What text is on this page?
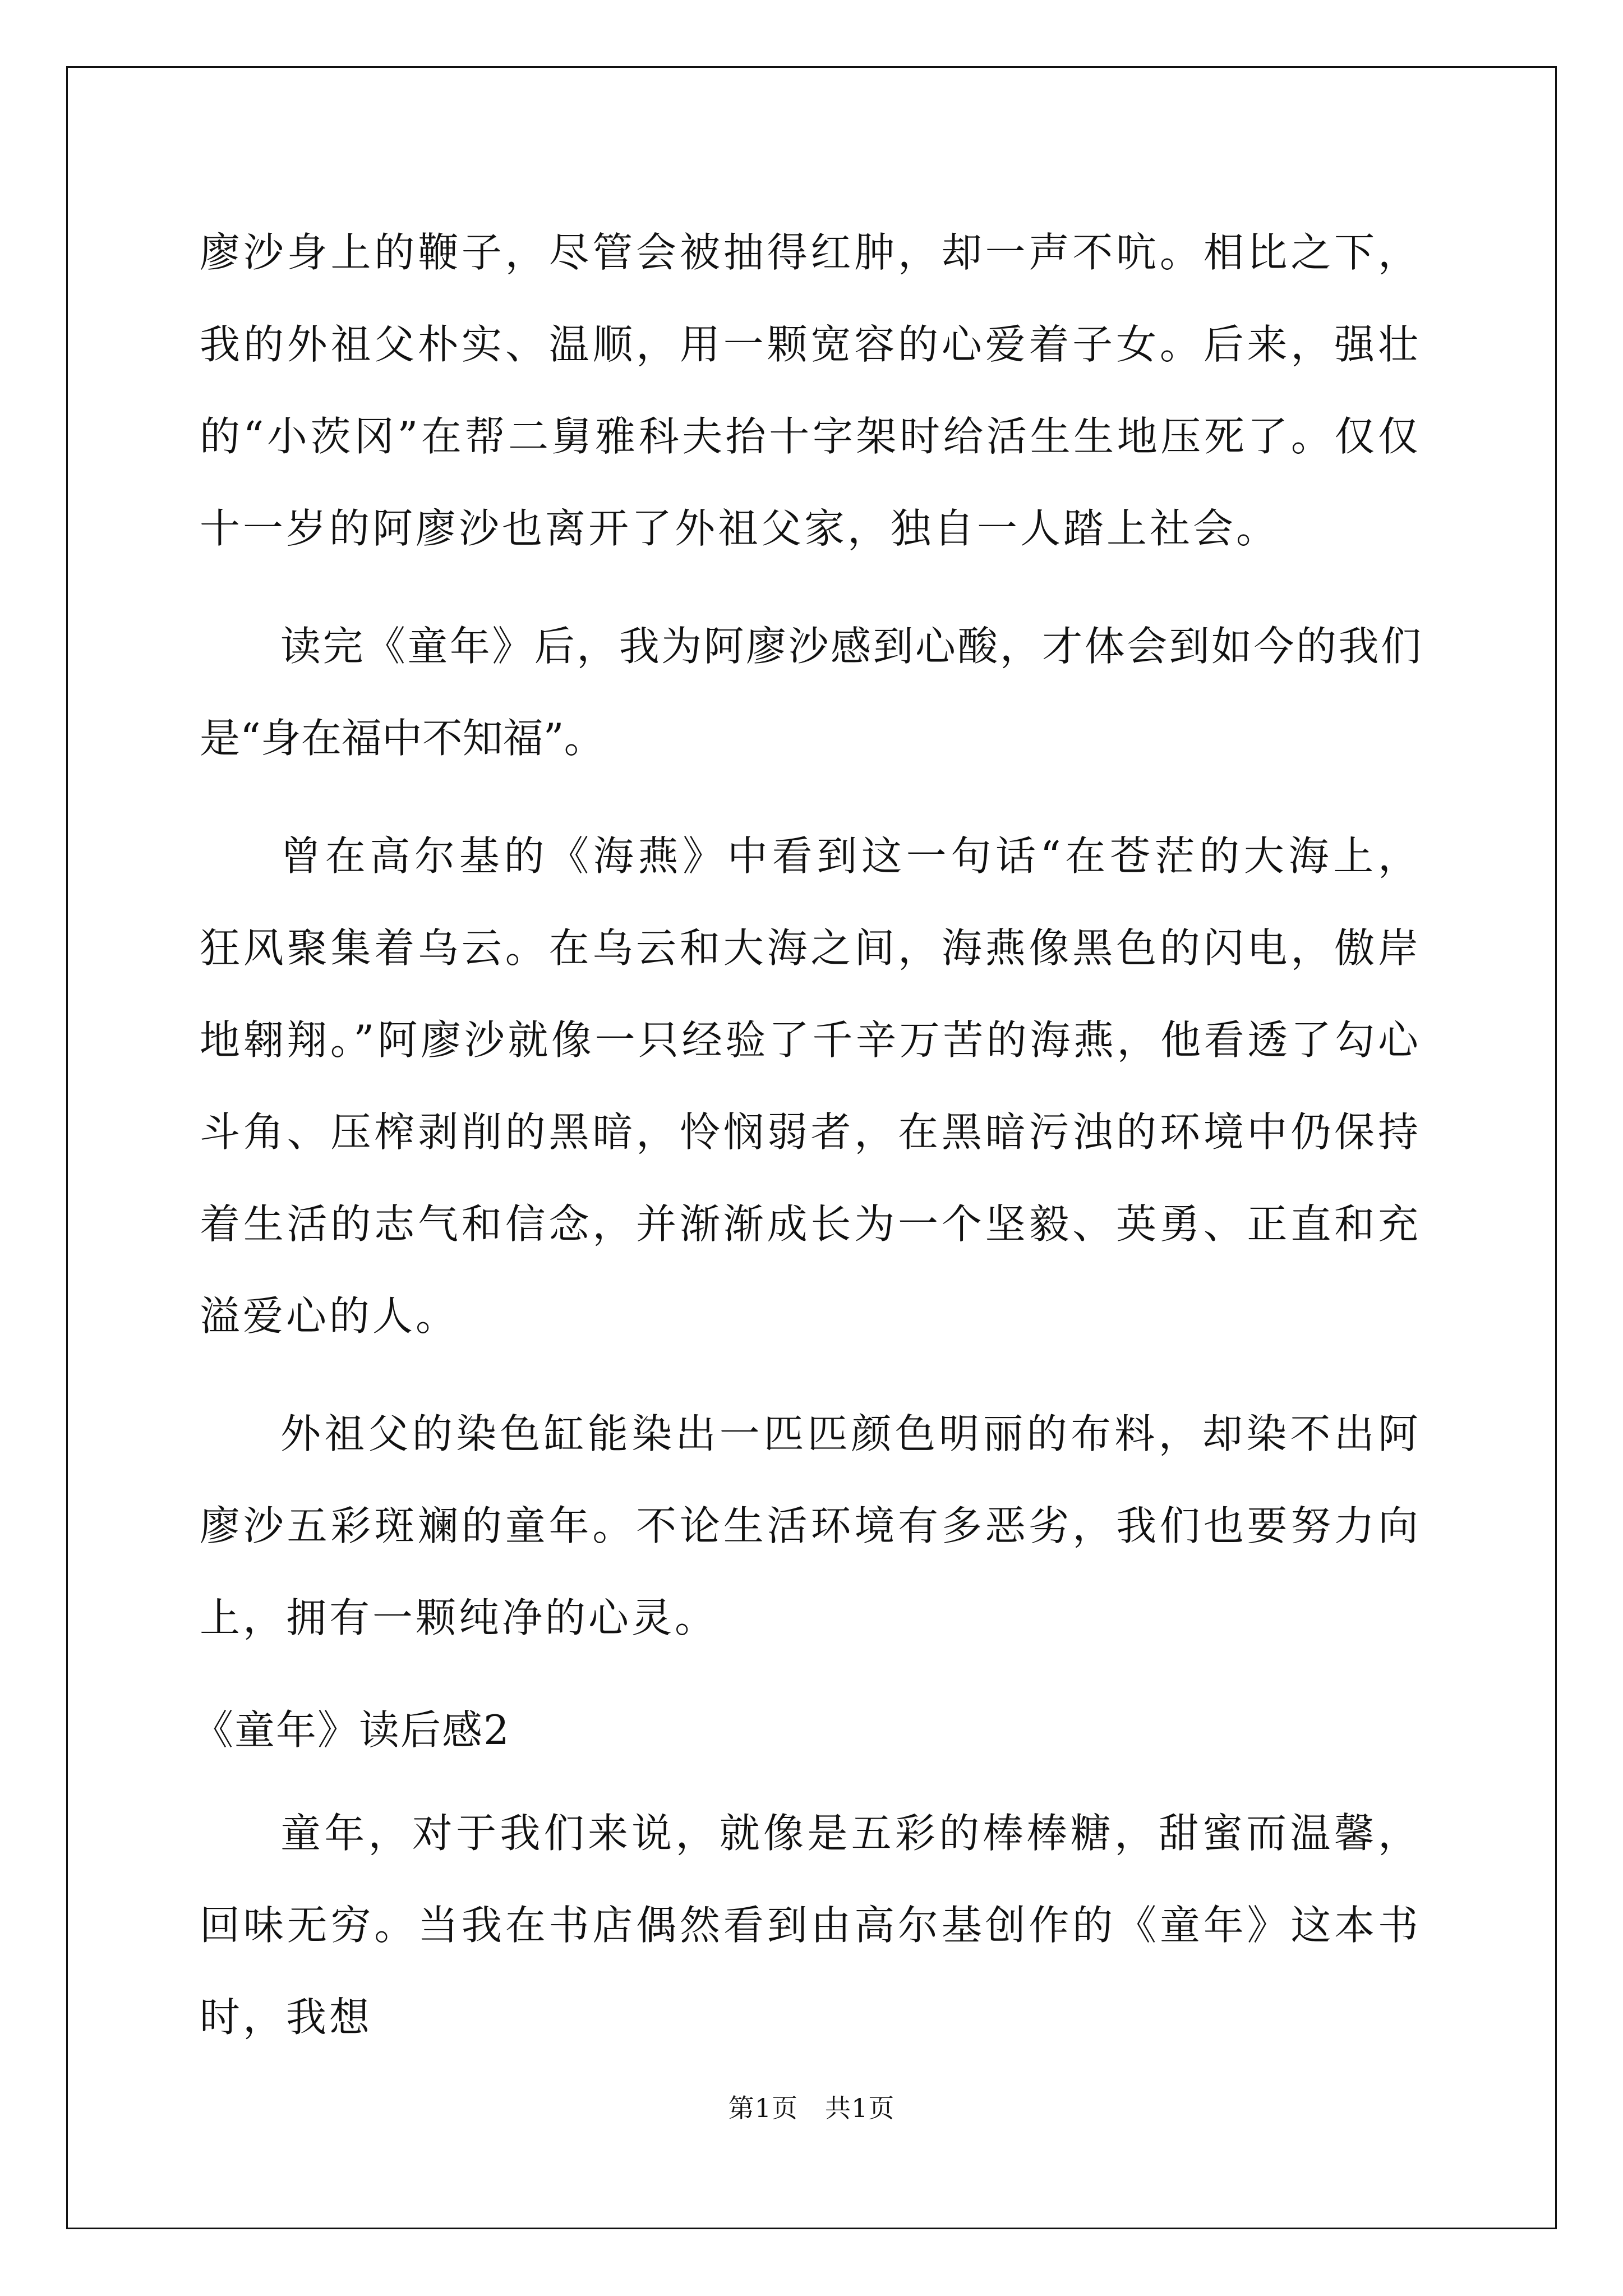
廖沙身上的鞭子，尽管会被抽得红肿，却一声不吭。相比之下，我的外祖父朴实、温顺，用一颗宽容的心爱着子女。后来，强壮的“小茨冈”在帮二舅雅科夫抬十字架时给活生生地压死了。仅仅十一岁的阿廖沙也离开了外祖父家，独自一人踏上社会。

读完《童年》后，我为阿廖沙感到心酸，才体会到如今的我们是“身在福中不知福”。

曾在高尔基的《海燕》中看到这一句话“在苍茫的大海上，狂风聚集着乌云。在乌云和大海之间，海燕像黑色的闪电，傲岸地翱翔。”阿廖沙就像一只经验了千辛万苦的海燕，他看透了勾心斗角、压榨剥削的黑暗，怜悯弱者，在黑暗污浊的环境中仍保持着生活的志气和信念，并渐渐成长为一个坚毅、英勇、正直和充溢爱心的人。

外祖父的染色缸能染出一匹匹颜色明丽的布料，却染不出阿廖沙五彩斑斓的童年。不论生活环境有多恶劣，我们也要努力向上，拥有一颗纯净的心灵。

《童年》读后感2

童年，对于我们来说，就像是五彩的棒棒糖，甜蜜而温馨，回味无穷。当我在书店偶然看到由高尔基创作的《童年》这本书时，我想

第1页 共1页
